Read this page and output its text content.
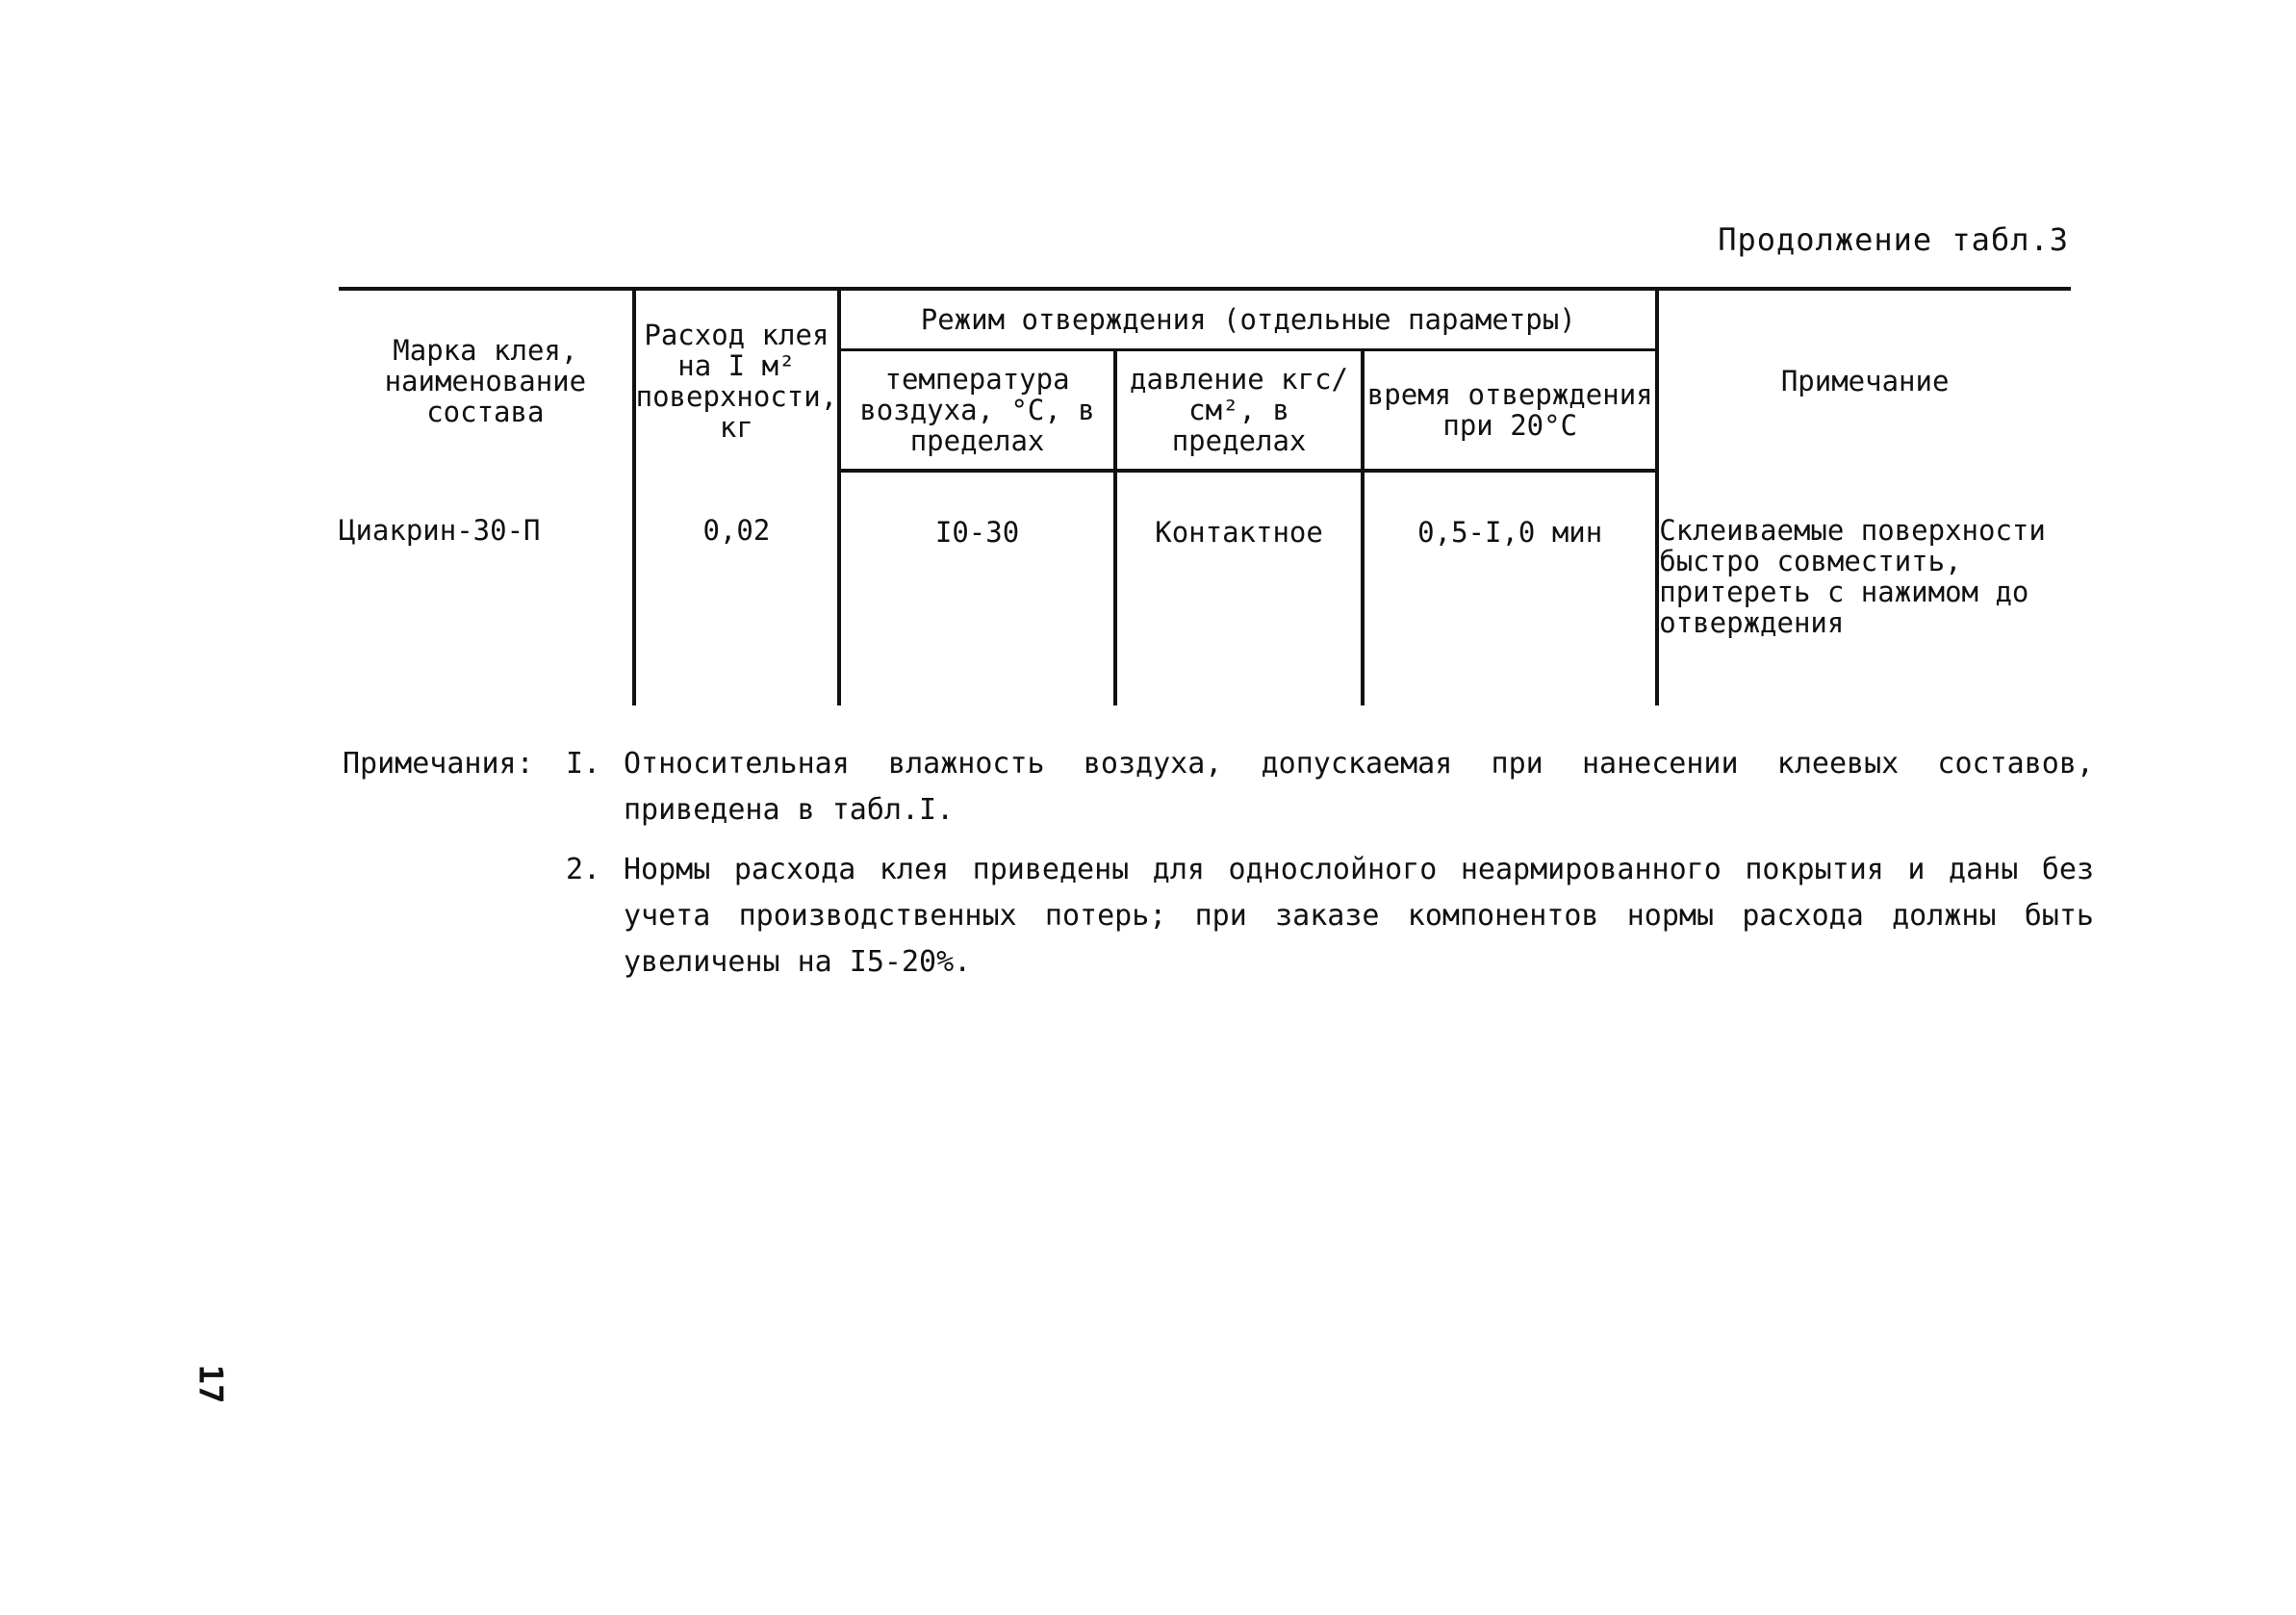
Продолжение табл.3
Марка клея, наименование состава	Расход клея на I м² поверхности, кг	Режим отверждения (отдельные параметры)			Примечание
		температура воздуха, °С, в пределах	давление кгс/см², в пределах	время отверждения при 20°С	
Циакрин-30-П	0,02	I0-30	Контактное	0,5-I,0 мин	Склеиваемые поверхности быстро совместить, притереть с нажимом до отверждения
Примечания:	I. Относительная влажность воздуха, допускаемая при нанесении клеевых составов, приведена в табл.I.
2. Нормы расхода клея приведены для однослойного неармированного покрытия и даны без учета производственных потерь; при заказе компонентов нормы расхода должны быть увеличены на I5-20%.
17
